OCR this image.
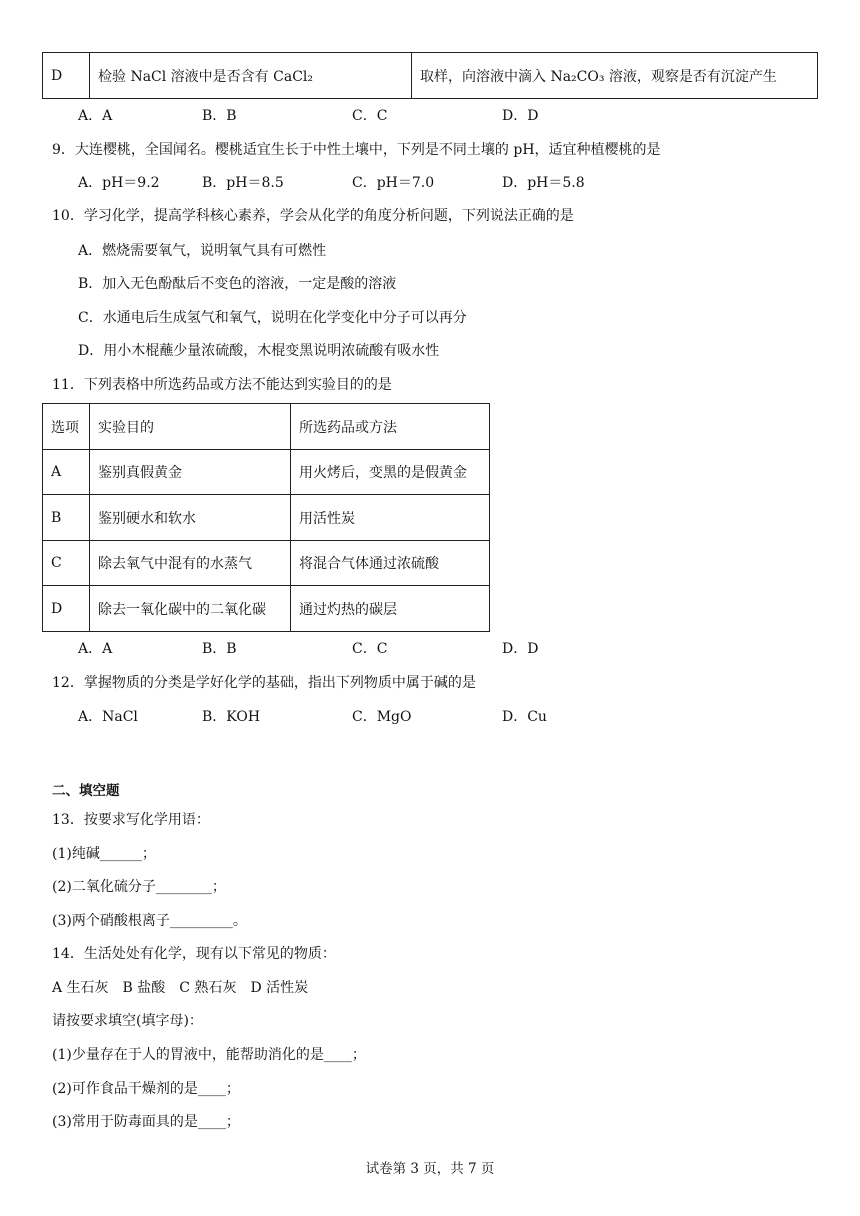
D	检验 NaCl 溶液中是否含有 CaCl₂	取样，向溶液中滴入 Na₂CO₃ 溶液，观察是否有沉淀产生
A．A	B．B	C．C	D．D
9．大连樱桃，全国闻名。樱桃适宜生长于中性土壤中，下列是不同土壤的 pH，适宜种植樱桃的是
A．pH＝9.2	B．pH＝8.5	C．pH＝7.0	D．pH＝5.8
10．学习化学，提高学科核心素养，学会从化学的角度分析问题，下列说法正确的是
A．燃烧需要氧气，说明氧气具有可燃性
B．加入无色酚酞后不变色的溶液，一定是酸的溶液
C．水通电后生成氢气和氧气，说明在化学变化中分子可以再分
D．用小木棍蘸少量浓硫酸，木棍变黑说明浓硫酸有吸水性
11．下列表格中所选药品或方法不能达到实验目的的是
选项	实验目的	所选药品或方法
A	鉴别真假黄金	用火烤后，变黑的是假黄金
B	鉴别硬水和软水	用活性炭
C	除去氧气中混有的水蒸气	将混合气体通过浓硫酸
D	除去一氧化碳中的二氧化碳	通过灼热的碳层
A．A	B．B	C．C	D．D
12．掌握物质的分类是学好化学的基础，指出下列物质中属于碱的是
A．NaCl	B．KOH	C．MgO	D．Cu
二、填空题
13．按要求写化学用语：
(1)纯碱______；
(2)二氧化硫分子________；
(3)两个硝酸根离子_________。
14．生活处处有化学，现有以下常见的物质：
A 生石灰　B 盐酸　C 熟石灰　D 活性炭
请按要求填空(填字母)：
(1)少量存在于人的胃液中，能帮助消化的是____；
(2)可作食品干燥剂的是____；
(3)常用于防毒面具的是____；
试卷第 3 页，共 7 页
